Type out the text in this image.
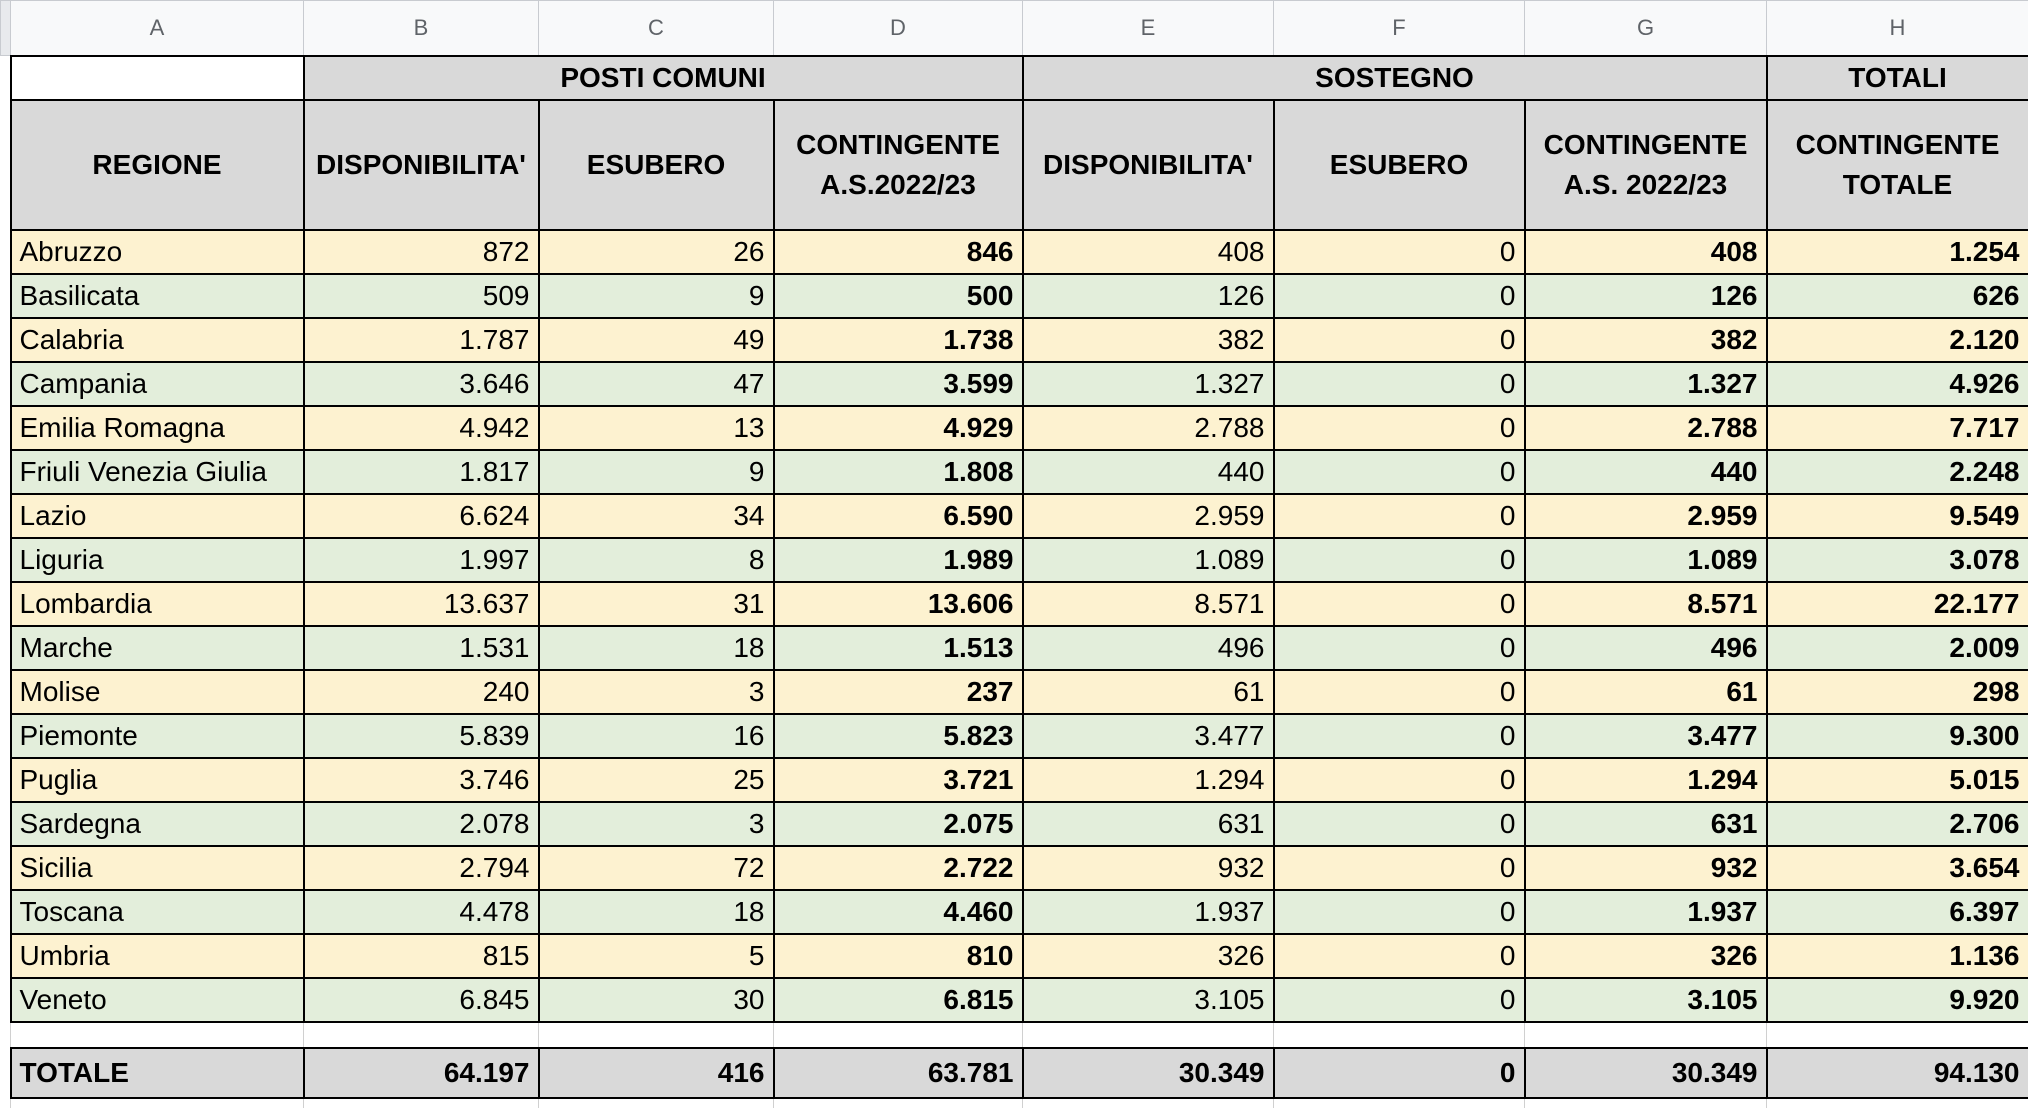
	A	B	C	D	E	F	G	H
		POSTI COMUNI			SOSTEGNO			TOTALI
	REGIONE	DISPONIBILITA'	ESUBERO	CONTINGENTE A.S.2022/23	DISPONIBILITA'	ESUBERO	CONTINGENTE A.S. 2022/23	CONTINGENTE TOTALE
	Abruzzo	872	26	846	408	0	408	1.254
	Basilicata	509	9	500	126	0	126	626
	Calabria	1.787	49	1.738	382	0	382	2.120
	Campania	3.646	47	3.599	1.327	0	1.327	4.926
	Emilia Romagna	4.942	13	4.929	2.788	0	2.788	7.717
	Friuli Venezia Giulia	1.817	9	1.808	440	0	440	2.248
	Lazio	6.624	34	6.590	2.959	0	2.959	9.549
	Liguria	1.997	8	1.989	1.089	0	1.089	3.078
	Lombardia	13.637	31	13.606	8.571	0	8.571	22.177
	Marche	1.531	18	1.513	496	0	496	2.009
	Molise	240	3	237	61	0	61	298
	Piemonte	5.839	16	5.823	3.477	0	3.477	9.300
	Puglia	3.746	25	3.721	1.294	0	1.294	5.015
	Sardegna	2.078	3	2.075	631	0	631	2.706
	Sicilia	2.794	72	2.722	932	0	932	3.654
	Toscana	4.478	18	4.460	1.937	0	1.937	6.397
	Umbria	815	5	810	326	0	326	1.136
	Veneto	6.845	30	6.815	3.105	0	3.105	9.920

	TOTALE	64.197	416	63.781	30.349	0	30.349	94.130
